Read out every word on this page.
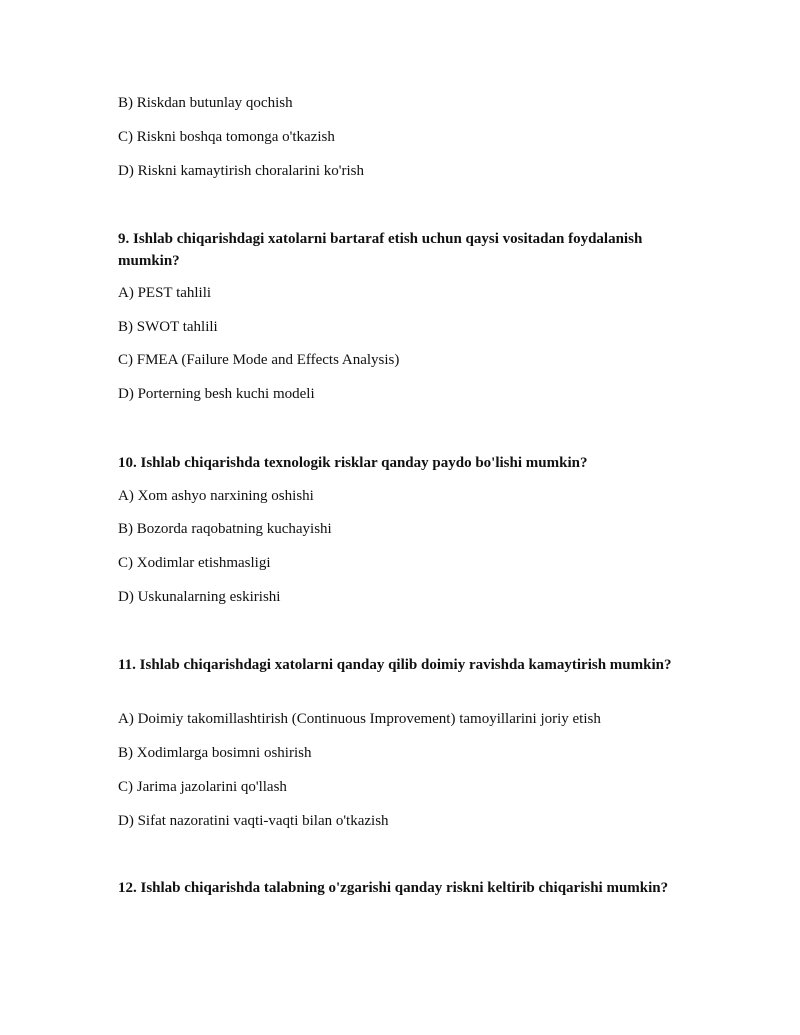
B) Riskdan butunlay qochish
C) Riskni boshqa tomonga o'tkazish
D) Riskni kamaytirish choralarini ko'rish
9. Ishlab chiqarishdagi xatolarni bartaraf etish uchun qaysi vositadan foydalanish mumkin?
A) PEST tahlili
B) SWOT tahlili
C) FMEA (Failure Mode and Effects Analysis)
D) Porterning besh kuchi modeli
10. Ishlab chiqarishda texnologik risklar qanday paydo bo'lishi mumkin?
A) Xom ashyo narxining oshishi
B) Bozorda raqobatning kuchayishi
C) Xodimlar etishmasligi
D) Uskunalarning eskirishi
11. Ishlab chiqarishdagi xatolarni qanday qilib doimiy ravishda kamaytirish mumkin?
A) Doimiy takomillashtirish (Continuous Improvement) tamoyillarini joriy etish
B) Xodimlarga bosimni oshirish
C) Jarima jazolarini qo'llash
D) Sifat nazoratini vaqti-vaqti bilan o'tkazish
12. Ishlab chiqarishda talabning o'zgarishi qanday riskni keltirib chiqarishi mumkin?
